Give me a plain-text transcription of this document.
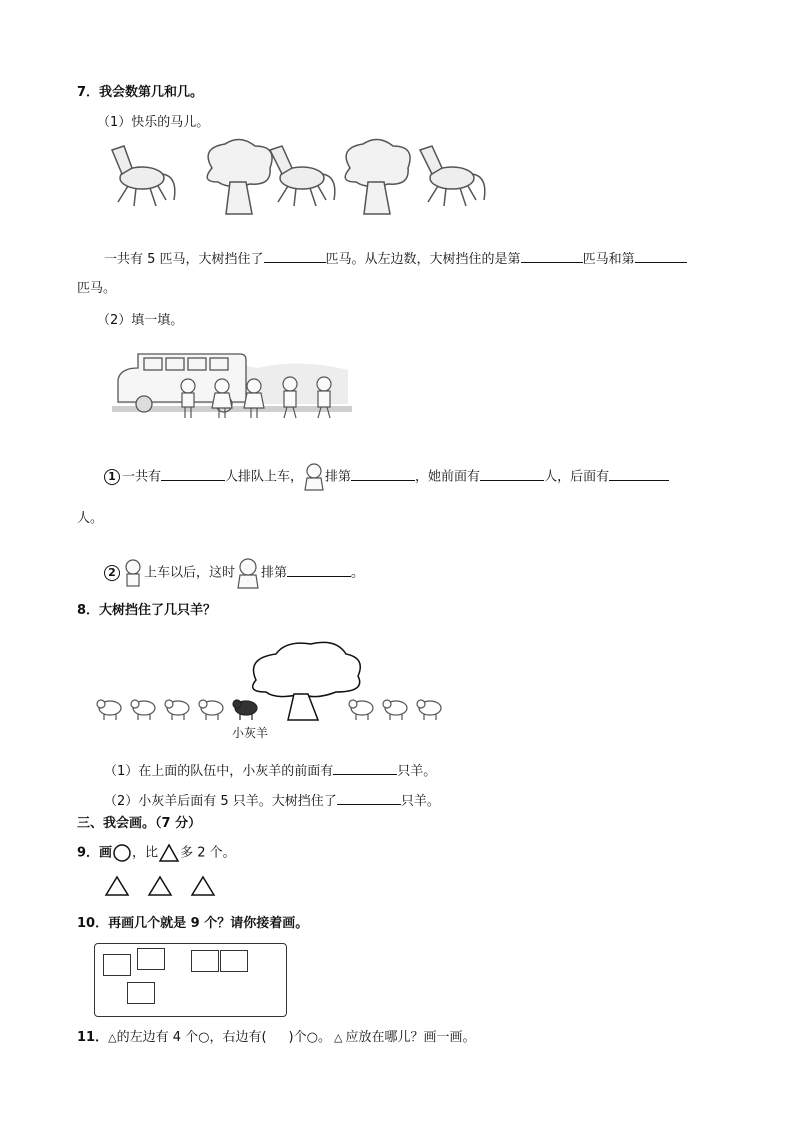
7．我会数第几和几。
（1）快乐的马儿。
一共有 5 匹马，大树挡住了	匹马。从左边数，大树挡住的是第	匹马和第
匹马。
（2）填一填。
1 一共有	人排队上车， 排第	，她前面有	人，后面有
人。
2 上车以后，这时 排第	。
8．大树挡住了几只羊？
小灰羊
（1）在上面的队伍中，小灰羊的前面有	只羊。
（2）小灰羊后面有 5 只羊。大树挡住了	只羊。
三、我会画。（7 分）
9．画 ，比 多 2 个。
10．再画几个就是 9 个？请你接着画。
11．△的左边有 4 个○，右边有( )个○。 △ 应放在哪儿？画一画。
